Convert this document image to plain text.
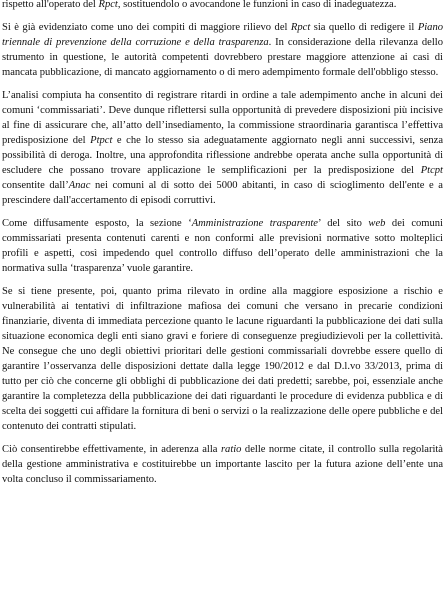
rispetto all'operato del Rpct, sostituendolo o avocandone le funzioni in caso di inadeguatezza.

Si è già evidenziato come uno dei compiti di maggiore rilievo del Rpct sia quello di redigere il Piano triennale di prevenzione della corruzione e della trasparenza. In considerazione della rilevanza dello strumento in questione, le autorità competenti dovrebbero prestare maggiore attenzione ai casi di mancata pubblicazione, di mancato aggiornamento o di mero adempimento formale dell'obbligo stesso.

L’analisi compiuta ha consentito di registrare ritardi in ordine a tale adempimento anche in alcuni dei comuni ‘commissariati’. Deve dunque riflettersi sulla opportunità di prevedere disposizioni più incisive al fine di assicurare che, all’atto dell’insediamento, la commissione straordinaria garantisca l’effettiva predisposizione del Ptpct e che lo stesso sia adeguatamente aggiornato negli anni successivi, senza possibilità di deroga. Inoltre, una approfondita riflessione andrebbe operata anche sulla opportunità di escludere che possano trovare applicazione le semplificazioni per la predisposizione del Ptcpt consentite dall’Anac nei comuni al di sotto dei 5000 abitanti, in caso di scioglimento dell'ente e a prescindere dall'accertamento di episodi corruttivi.

Come diffusamente esposto, la sezione ‘Amministrazione trasparente’ del sito web dei comuni commissariati presenta contenuti carenti e non conformi alle previsioni normative sotto molteplici profili e aspetti, così impedendo quel controllo diffuso dell’operato delle amministrazioni che la normativa sulla ‘trasparenza’ vuole garantire.

Se si tiene presente, poi, quanto prima rilevato in ordine alla maggiore esposizione a rischio e vulnerabilità ai tentativi di infiltrazione mafiosa dei comuni che versano in precarie condizioni finanziarie, diventa di immediata percezione quanto le lacune riguardanti la pubblicazione dei dati sulla situazione economica degli enti siano gravi e foriere di conseguenze pregiudizievoli per la collettività. Ne consegue che uno degli obiettivi prioritari delle gestioni commissariali dovrebbe essere quello di garantire l’osservanza delle disposizioni dettate dalla legge 190/2012 e dal D.l.vo 33/2013, prima di tutto per ciò che concerne gli obblighi di pubblicazione dei dati predetti; sarebbe, poi, essenziale anche garantire la completezza della pubblicazione dei dati riguardanti le procedure di evidenza pubblica e di scelta dei soggetti cui affidare la fornitura di beni o servizi o la realizzazione delle opere pubbliche e del contenuto dei contratti stipulati.

Ciò consentirebbe effettivamente, in aderenza alla ratio delle norme citate, il controllo sulla regolarità della gestione amministrativa e costituirebbe un importante lascito per la futura azione dell’ente una volta concluso il commissariamento.
